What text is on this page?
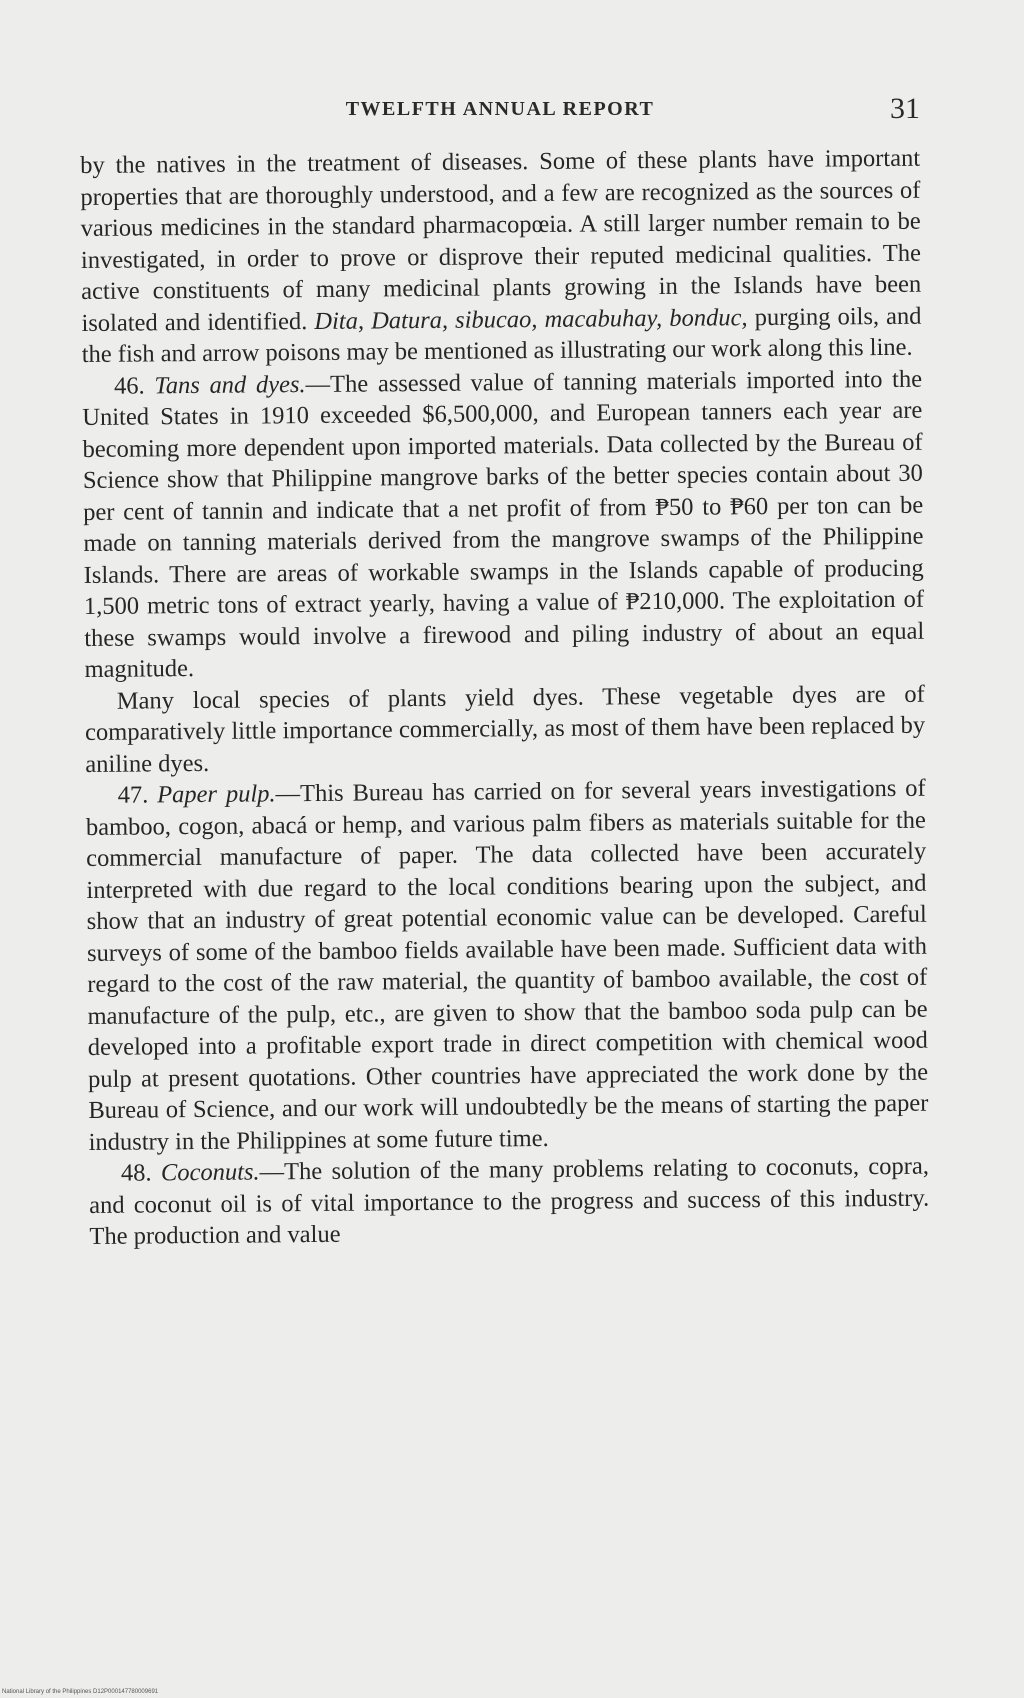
TWELFTH ANNUAL REPORT	31

by the natives in the treatment of diseases. Some of these plants have important properties that are thoroughly understood, and a few are recognized as the sources of various medicines in the standard pharmacopœia. A still larger number remain to be investigated, in order to prove or disprove their reputed medicinal qualities. The active constituents of many medicinal plants growing in the Islands have been isolated and identified. Dita, Datura, sibucao, macabuhay, bonduc, purging oils, and the fish and arrow poisons may be mentioned as illustrating our work along this line.

46. Tans and dyes.—The assessed value of tanning materials imported into the United States in 1910 exceeded $6,500,000, and European tanners each year are becoming more dependent upon imported materials. Data collected by the Bureau of Science show that Philippine mangrove barks of the better species contain about 30 per cent of tannin and indicate that a net profit of from ₱50 to ₱60 per ton can be made on tanning materials derived from the mangrove swamps of the Philippine Islands. There are areas of workable swamps in the Islands capable of producing 1,500 metric tons of extract yearly, having a value of ₱210,000. The exploitation of these swamps would involve a firewood and piling industry of about an equal magnitude.

Many local species of plants yield dyes. These vegetable dyes are of comparatively little importance commercially, as most of them have been replaced by aniline dyes.

47. Paper pulp.—This Bureau has carried on for several years investigations of bamboo, cogon, abacá or hemp, and various palm fibers as materials suitable for the commercial manufacture of paper. The data collected have been accurately interpreted with due regard to the local conditions bearing upon the subject, and show that an industry of great potential economic value can be developed. Careful surveys of some of the bamboo fields available have been made. Sufficient data with regard to the cost of the raw material, the quantity of bamboo available, the cost of manufacture of the pulp, etc., are given to show that the bamboo soda pulp can be developed into a profitable export trade in direct competition with chemical wood pulp at present quotations. Other countries have appreciated the work done by the Bureau of Science, and our work will undoubtedly be the means of starting the paper industry in the Philippines at some future time.

48. Coconuts.—The solution of the many problems relating to coconuts, copra, and coconut oil is of vital importance to the progress and success of this industry. The production and value

National Library of the Philippines D12P000147780009691
